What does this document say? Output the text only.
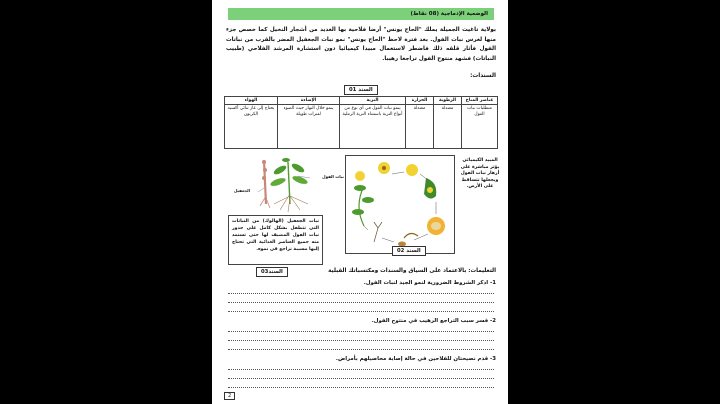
الوضعية الإدماجية (08 نقاط)

بولاية تاغيت الجميلة يملك "الحاج يونس" أرضا فلاحية بها العديد من أشجار النخيل كما خصص جزء منها لغرس نبات الفول. بعد فترة لاحظ "الحاج يونس" نمو نبات الجعفيل المضر بالقرب من نباتات الفول فأثار قلقه ذلك فاضطر لاستعمال مبيدا كيميائيا دون استشارة المرشد الفلاحي (طبيب النباتات) فشهد منتوج الفول تراجعا رهيبا.

السندات:
السند 01
عناصر المناخ	الرطوبة	الحرارة	التربة	الإضاءة	الهواء
متطلبات نبات الفول	معتدلة	معتدلة	ينمو نبات الفول في أي نوع من أنواع التربة باستثناء التربة الرملية	ينمو خلال النهار حيث الضوء لفترات طويلة	يحتاج إلى غاز ثنائي أكسيد الكربون
نبات الفول
الجعفيل
نبات الجعفيل (الهالوك) من النباتات التي تتطفل بشكل كامل على جذور نبات الفول المضيف لها حتى تستمد منه جميع العناصر الغذائية التي تحتاج إليها مسببة تراجع في نموه.
السند03
السند 02
المبيد الكيميائي يؤثر مباشرة على أزهار نبات الفول ويجعلها تتساقط على الأرض.
التعليمات: بالاعتماد على السياق والسندات ومكتسباتك القبلية
1- اذكر الشروط الضرورية لنمو الجيد لنبات الفول.
2- فسر سبب التراجع الرهيب في منتوج الفول.
3- قدم نصيحتان للفلاحين في حالة إصابة محاصيلهم بأمراض.
2
